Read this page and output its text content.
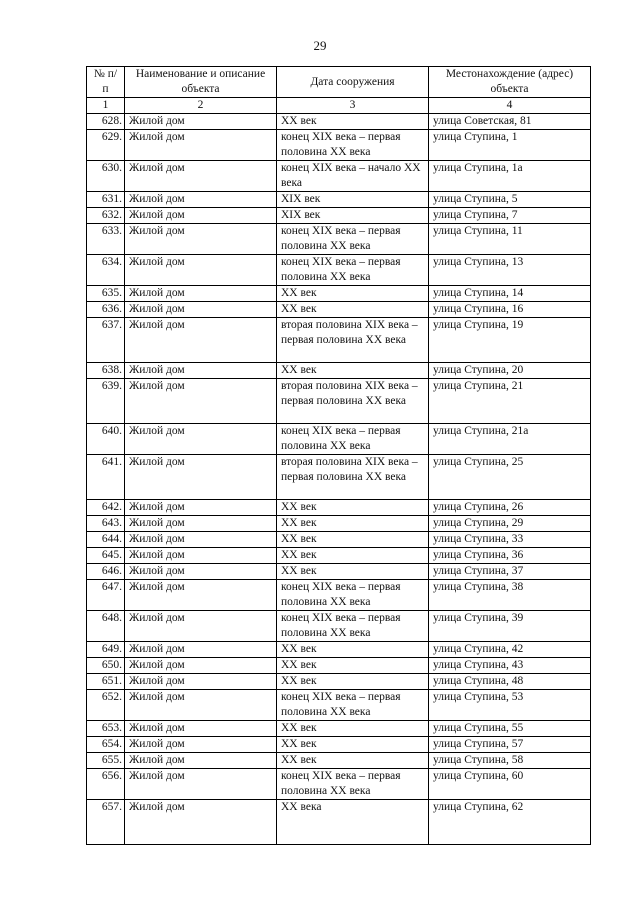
29
№ п/п	Наименование и описание объекта	Дата сооружения	Местонахождение (адрес) объекта
1	2	3	4
628.	Жилой дом	XX век	улица Советская, 81
629.	Жилой дом	конец XIX века – первая половина XX века	улица Ступина, 1
630.	Жилой дом	конец XIX века – начало XX века	улица Ступина, 1а
631.	Жилой дом	XIX век	улица Ступина, 5
632.	Жилой дом	XIX век	улица Ступина, 7
633.	Жилой дом	конец XIX века – первая половина XX века	улица Ступина, 11
634.	Жилой дом	конец XIX века – первая половина XX века	улица Ступина, 13
635.	Жилой дом	XX век	улица Ступина, 14
636.	Жилой дом	XX век	улица Ступина, 16
637.	Жилой дом	вторая половина XIX века – первая половина XX века	улица Ступина, 19
638.	Жилой дом	XX век	улица Ступина, 20
639.	Жилой дом	вторая половина XIX века – первая половина XX века	улица Ступина, 21
640.	Жилой дом	конец XIX века – первая половина XX века	улица Ступина, 21а
641.	Жилой дом	вторая половина XIX века – первая половина XX века	улица Ступина, 25
642.	Жилой дом	XX век	улица Ступина, 26
643.	Жилой дом	XX век	улица Ступина, 29
644.	Жилой дом	XX век	улица Ступина, 33
645.	Жилой дом	XX век	улица Ступина, 36
646.	Жилой дом	XX век	улица Ступина, 37
647.	Жилой дом	конец XIX века – первая половина XX века	улица Ступина, 38
648.	Жилой дом	конец XIX века – первая половина XX века	улица Ступина, 39
649.	Жилой дом	XX век	улица Ступина, 42
650.	Жилой дом	XX век	улица Ступина, 43
651.	Жилой дом	XX век	улица Ступина, 48
652.	Жилой дом	конец XIX века – первая половина XX века	улица Ступина, 53
653.	Жилой дом	XX век	улица Ступина, 55
654.	Жилой дом	XX век	улица Ступина, 57
655.	Жилой дом	XX век	улица Ступина, 58
656.	Жилой дом	конец XIX века – первая половина XX века	улица Ступина, 60
657.	Жилой дом	XX века	улица Ступина, 62
